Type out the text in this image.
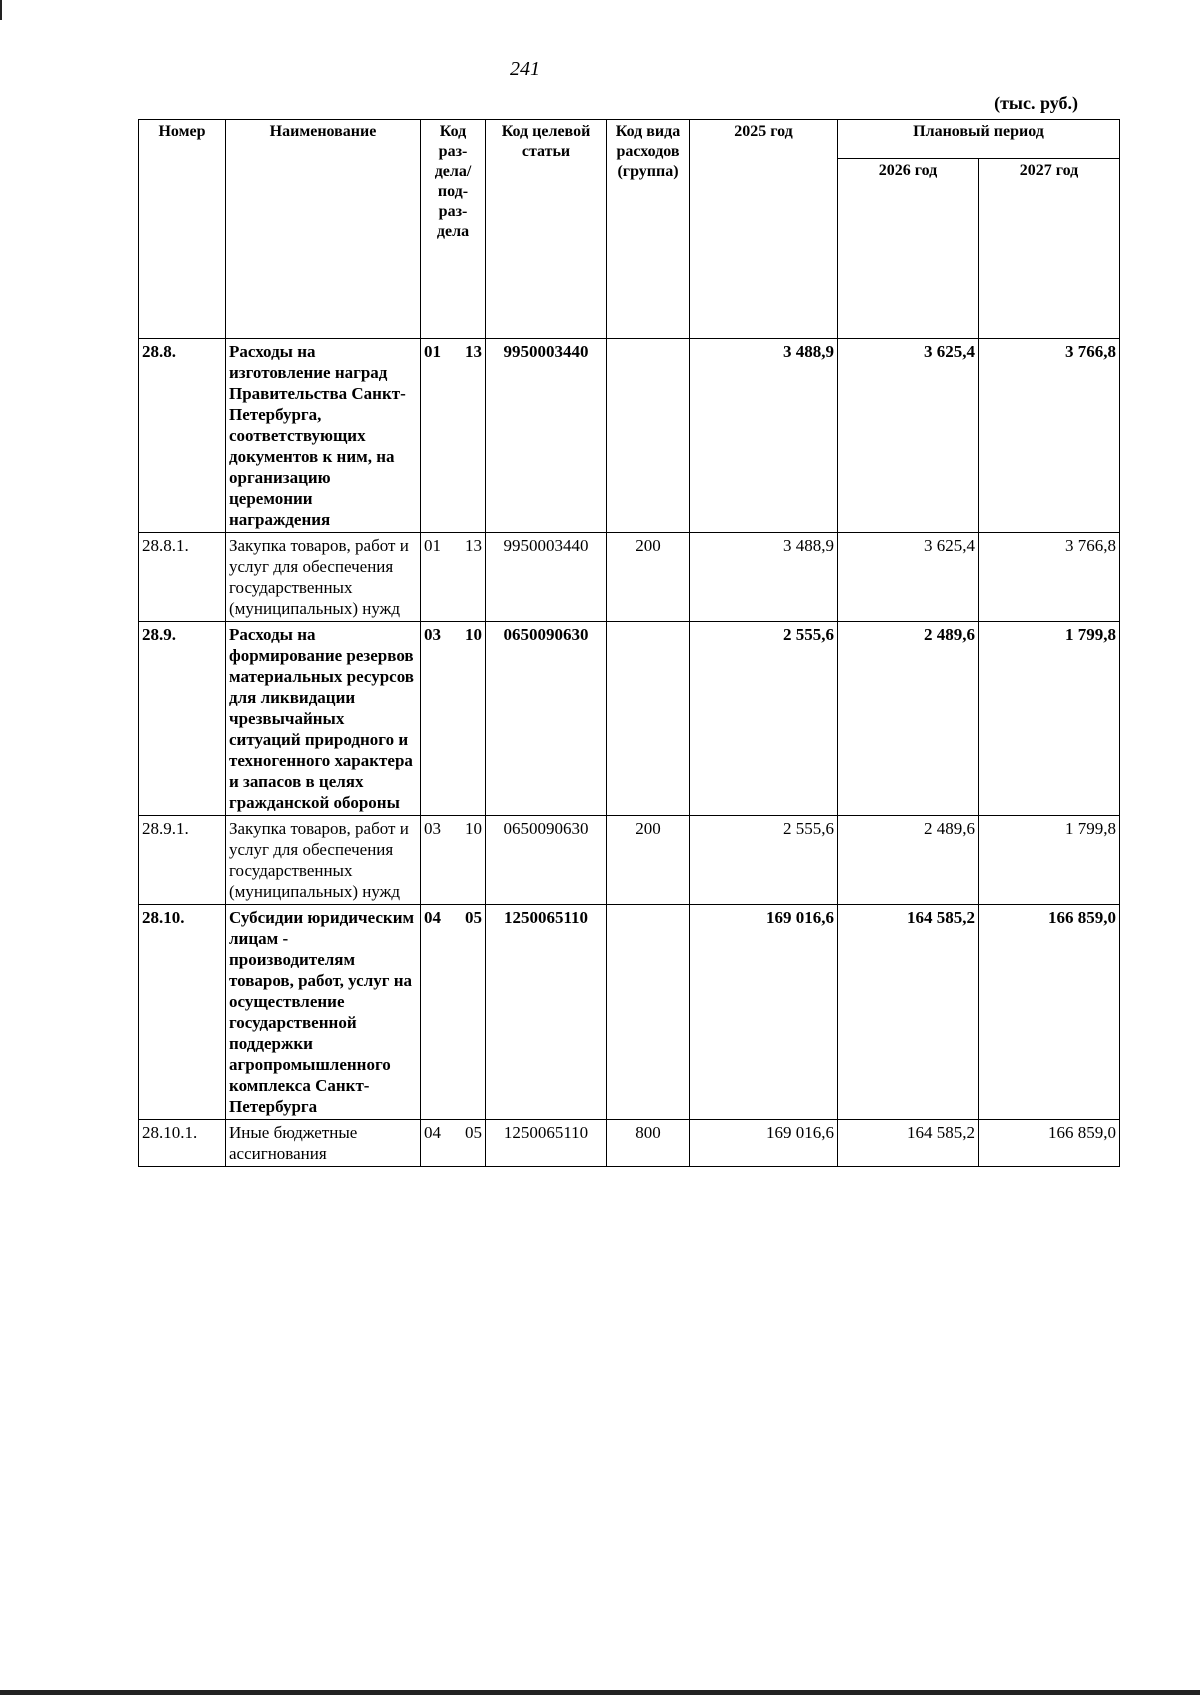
241
(тыс. руб.)
Номер	Наименование	Код раз- дела/ под- раз- дела	Код целевой статьи	Код вида расходов (группа)	2025 год	Плановый период	
						2026 год	2027 год
28.8.	Расходы на изготовление наград Правительства Санкт-Петербурга, соответствующих документов к ним, на организацию церемонии награждения	01 13	9950003440		3 488,9	3 625,4	3 766,8
28.8.1.	Закупка товаров, работ и услуг для обеспечения государственных (муниципальных) нужд	01 13	9950003440	200	3 488,9	3 625,4	3 766,8
28.9.	Расходы на формирование резервов материальных ресурсов для ликвидации чрезвычайных ситуаций природного и техногенного характера и запасов в целях гражданской обороны	03 10	0650090630		2 555,6	2 489,6	1 799,8
28.9.1.	Закупка товаров, работ и услуг для обеспечения государственных (муниципальных) нужд	03 10	0650090630	200	2 555,6	2 489,6	1 799,8
28.10.	Субсидии юридическим лицам - производителям товаров, работ, услуг на осуществление государственной поддержки агропромышленного комплекса Санкт-Петербурга	04 05	1250065110		169 016,6	164 585,2	166 859,0
28.10.1.	Иные бюджетные ассигнования	04 05	1250065110	800	169 016,6	164 585,2	166 859,0
